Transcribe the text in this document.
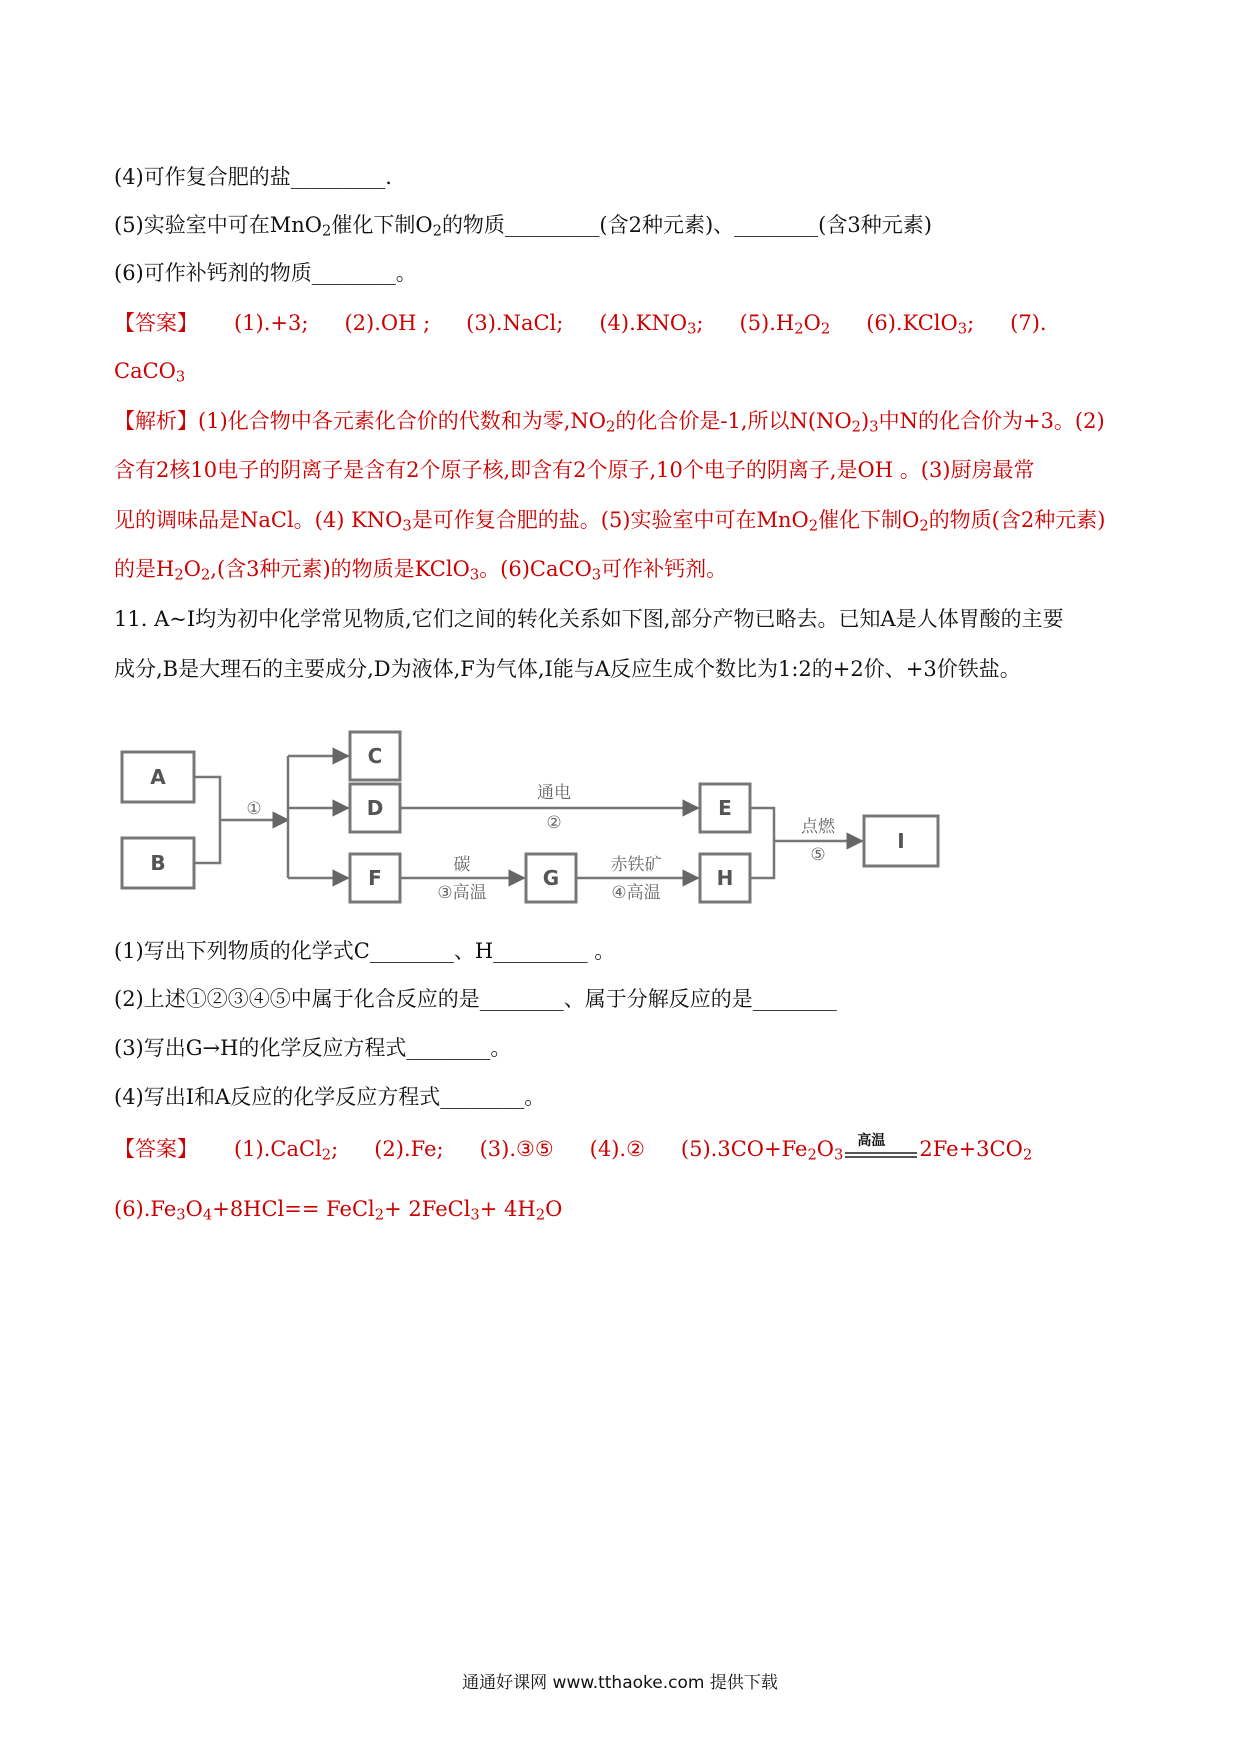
(4)可作复合肥的盐_________.
(5)实验室中可在MnO$_2$催化下制$O_2$的物质_________(含2种元素)、________(含3种元素)
(6)可作补钙剂的物质________。
【答案】 (1).+3; (2).OH ; (3).NaCl; $(4).KNO_3$; $(5).H_2O_2$ (6).KClO$_3$; (7).
CaCO$_3$
【解析】(1)化合物中各元素化合价的代数和为零$,NO_2$的化合价是-1,所以$N(NO_2)_3$中N的化合价为+3。(2)
含有2核10电子的阴离子是含有2个原子核,即含有2个原子,10个电子的阴离子,是OH 。(3)厨房最常
见的调味品是NaCl。(4) $KNO_3$是可作复合肥的盐。(5)实验室中可在MnO$_2$催化下制$O_2$的物质(含2种元素)
的是$H_2O_2$,(含3种元素)的物质是KClO$_3$。(6)CaCO$_3$可作补钙剂。
11. A~I均为初中化学常见物质,它们之间的转化关系如下图,部分产物已略去。已知A是人体胃酸的主要
成分,B是大理石的主要成分,D为液体,F为气体,I能与A反应生成个数比为1:2的+2价、+3价铁盐。
A
B
C
D	E
F	G	H
I
①
通电
②
碳
③高温
赤铁矿
④高温
点燃
⑤
(1)写出下列物质的化学式C________、H_________ 。
(2)上述①②③④⑤中属于化合反应的是________、属于分解反应的是________
(3)写出G→H的化学反应方程式________。
(4)写出I和A反应的化学反应方程式________。
【答案】 (1).CaCl$_2$; (2).Fe; (3).③⑤ (4).② $(5).3CO+Fe_2O_3$
高温 $2Fe+3CO_2$
$(6).Fe_3O_4+8HCl==$ FeCl$_2$+ 2FeCl$_3$+ $4H_2O$
通通好课网 www.tthaoke.com 提供下载
